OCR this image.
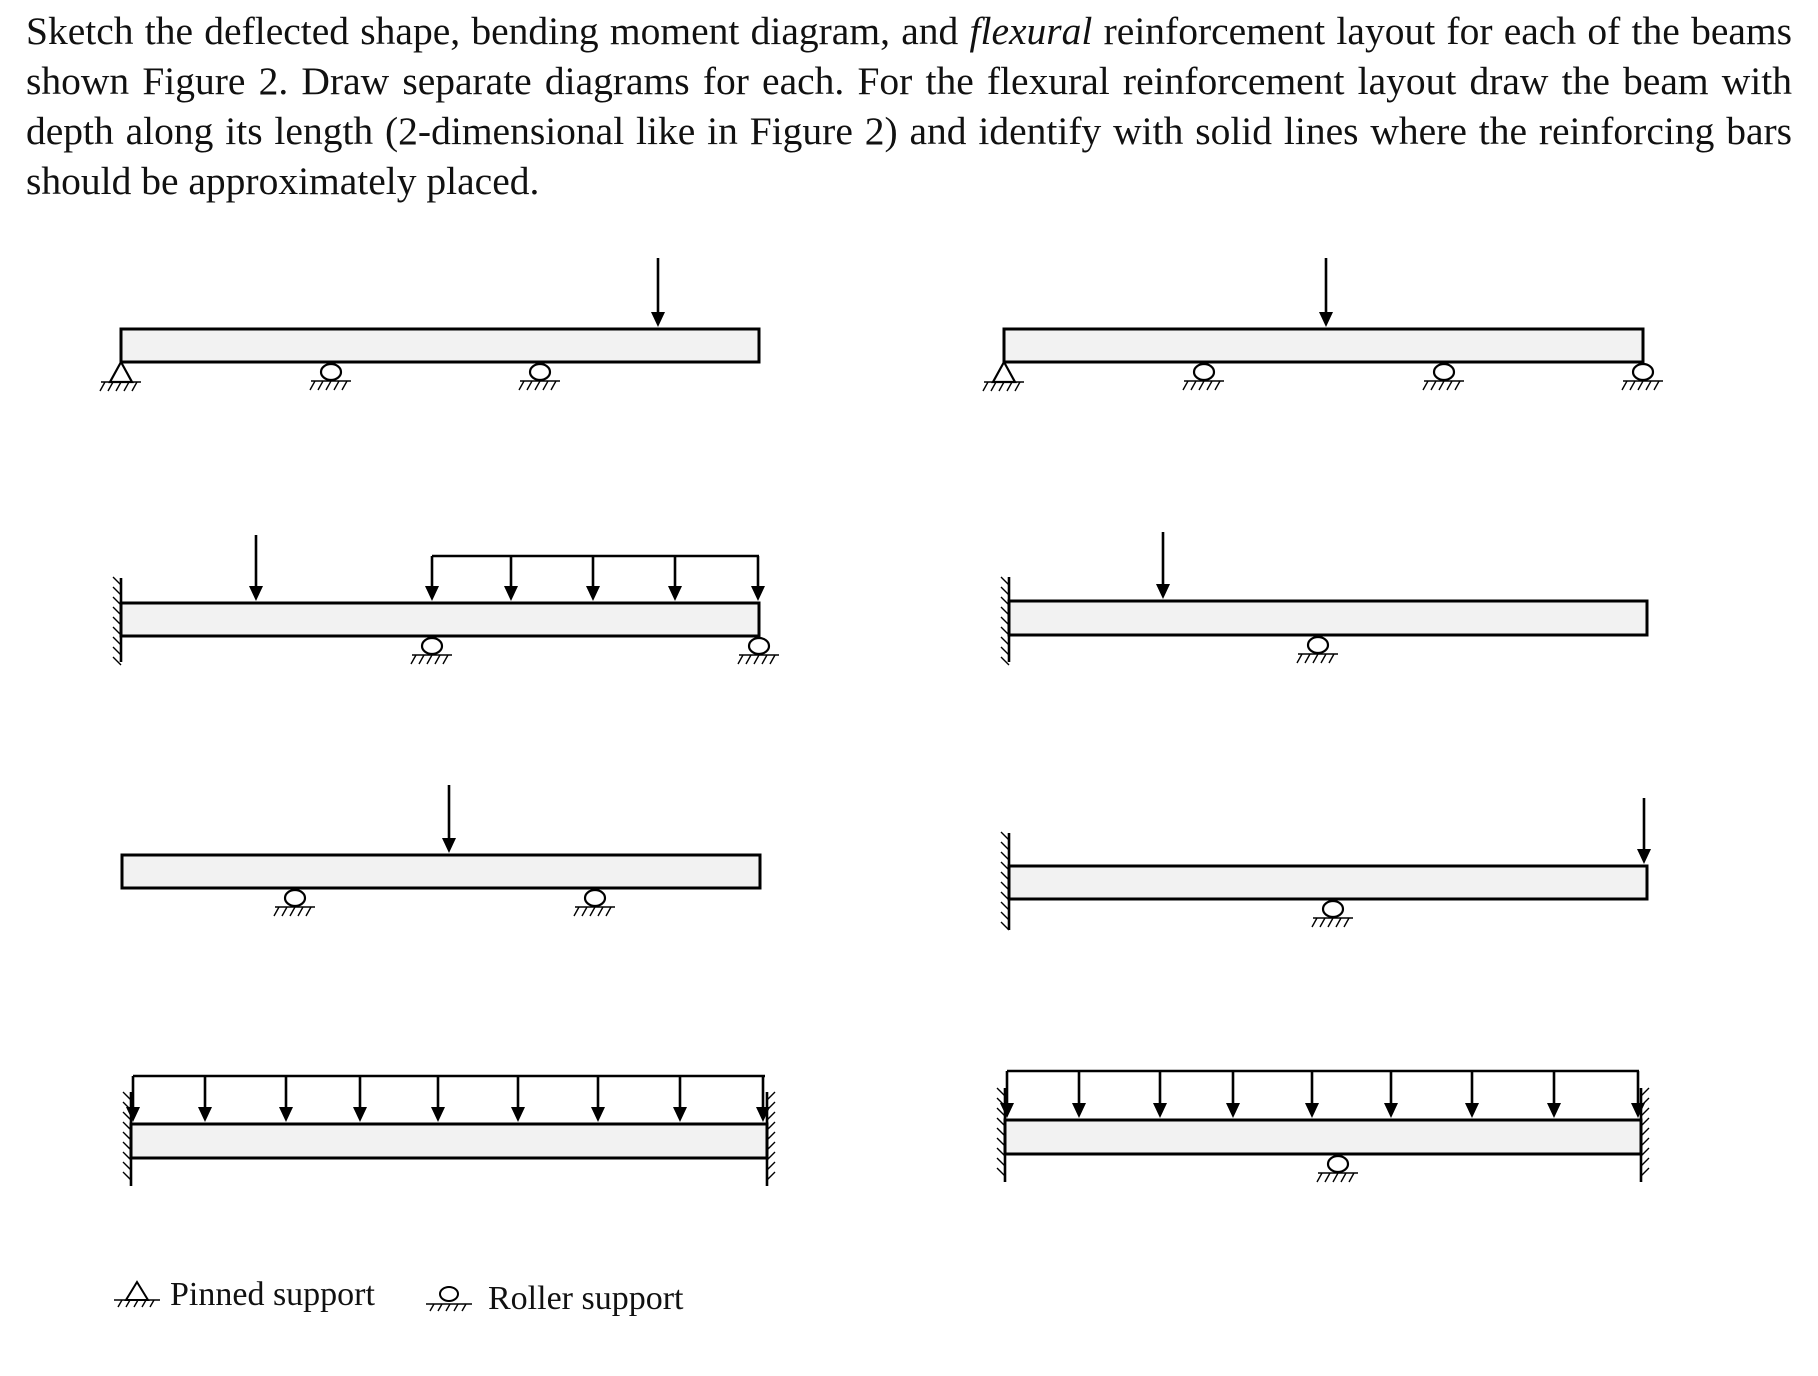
Sketch the deflected shape, bending moment diagram, and flexural reinforcement layout for each of the beams shown Figure 2. Draw separate diagrams for each. For the flexural reinforcement layout draw the beam with depth along its length (2-dimensional like in Figure 2) and identify with solid lines where the reinforcing bars should be approximately placed.

Pinned support	Roller support
